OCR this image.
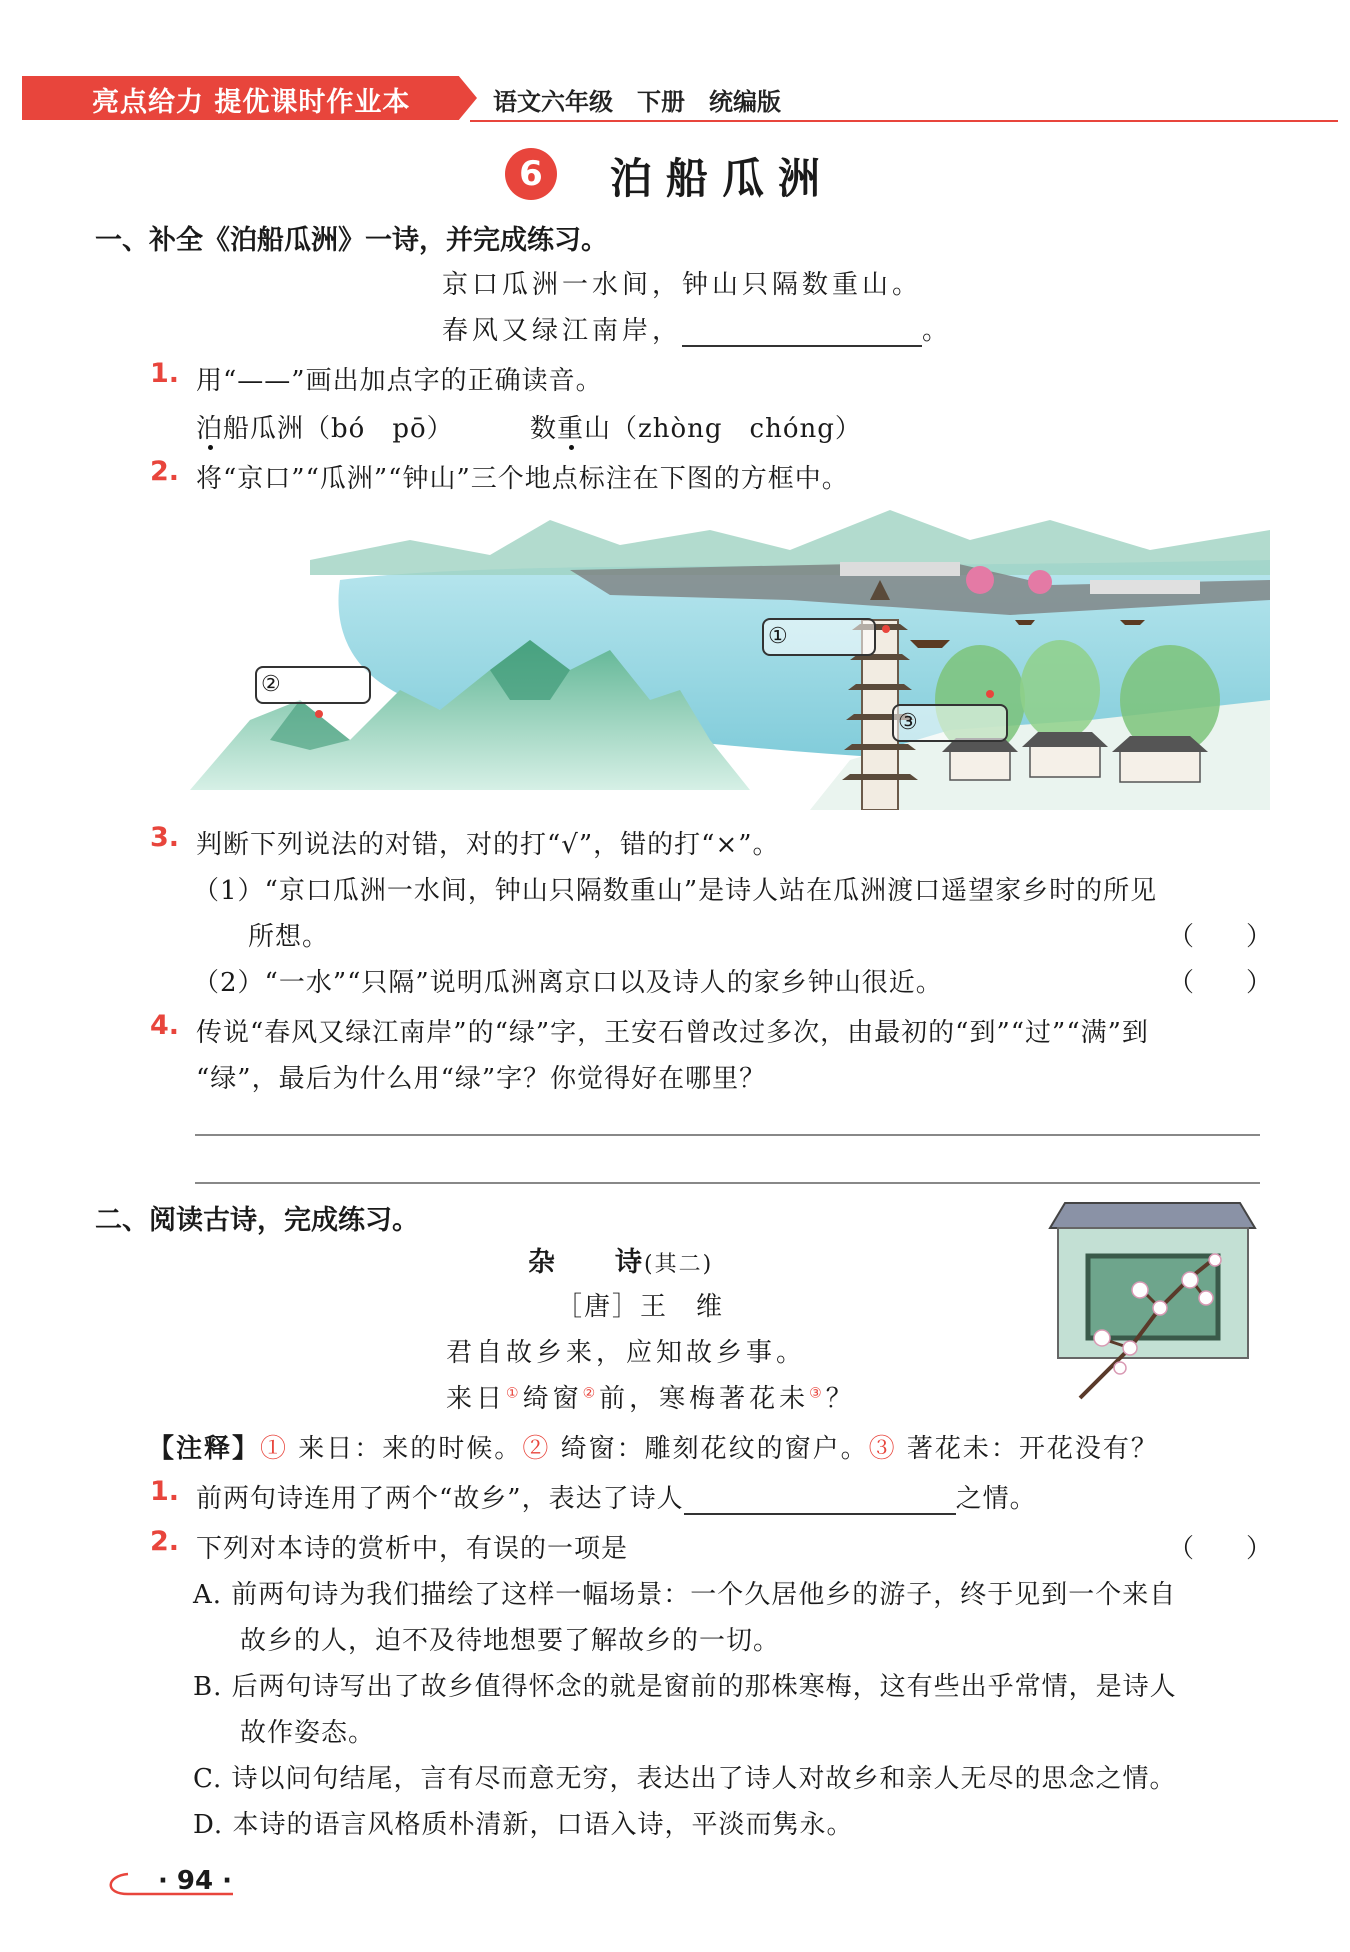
亮点给力 提优课时作业本	语文六年级　下册　统编版
6	泊船瓜洲
一、补全《泊船瓜洲》一诗，并完成练习。
京口瓜洲一水间，钟山只隔数重山。
春风又绿江南岸，	。
1. 用“——”画出加点字的正确读音。
泊船瓜洲（bó　pō）	数重山（zhòng　chóng）
2. 将“京口”“瓜洲”“钟山”三个地点标注在下图的方框中。
①
②
③
3. 判断下列说法的对错，对的打“√”，错的打“×”。
（1）“京口瓜洲一水间，钟山只隔数重山”是诗人站在瓜洲渡口遥望家乡时的所见
所想。	（　　）
（2）“一水”“只隔”说明瓜洲离京口以及诗人的家乡钟山很近。	（　　）
4. 传说“春风又绿江南岸”的“绿”字，王安石曾改过多次，由最初的“到”“过”“满”到
“绿”，最后为什么用“绿”字？你觉得好在哪里？
二、阅读古诗，完成练习。
杂　　诗(其二)
［唐］王　维
君自故乡来，应知故乡事。
来日①绮窗②前，寒梅著花未③？
【注释】① 来日：来的时候。② 绮窗：雕刻花纹的窗户。③ 著花未：开花没有？
1. 前两句诗连用了两个“故乡”，表达了诗人	之情。
2. 下列对本诗的赏析中，有误的一项是	（　　）
A. 前两句诗为我们描绘了这样一幅场景：一个久居他乡的游子，终于见到一个来自
故乡的人，迫不及待地想要了解故乡的一切。
B. 后两句诗写出了故乡值得怀念的就是窗前的那株寒梅，这有些出乎常情，是诗人
故作姿态。
C. 诗以问句结尾，言有尽而意无穷，表达出了诗人对故乡和亲人无尽的思念之情。
D. 本诗的语言风格质朴清新，口语入诗，平淡而隽永。
· 94 ·
